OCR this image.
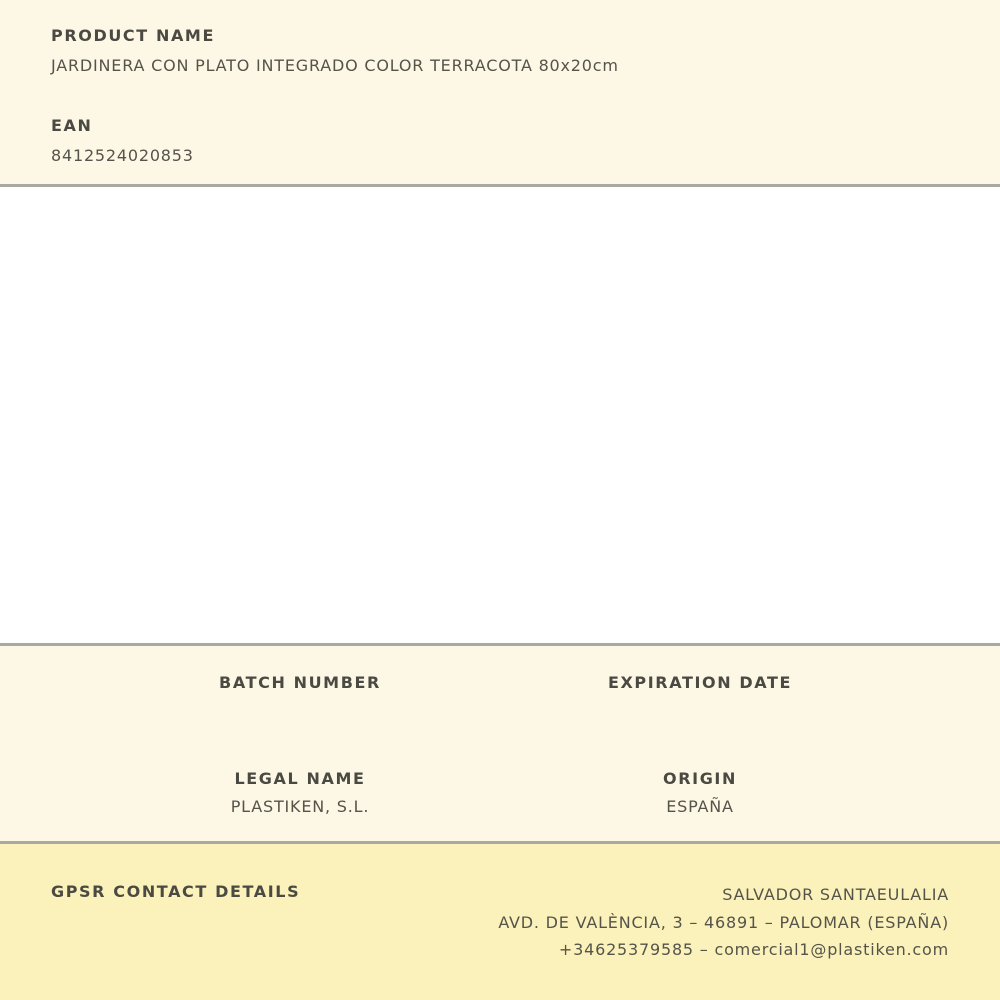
PRODUCT NAME
JARDINERA CON PLATO INTEGRADO COLOR TERRACOTA 80x20cm
EAN
8412524020853
BATCH NUMBER	EXPIRATION DATE
LEGAL NAME
PLASTIKEN, S.L.
ORIGIN
ESPAÑA
GPSR CONTACT DETAILS	SALVADOR SANTAEULALIA
AVD. DE VALÈNCIA, 3 – 46891 – PALOMAR (ESPAÑA)
+34625379585 – comercial1@plastiken.com
